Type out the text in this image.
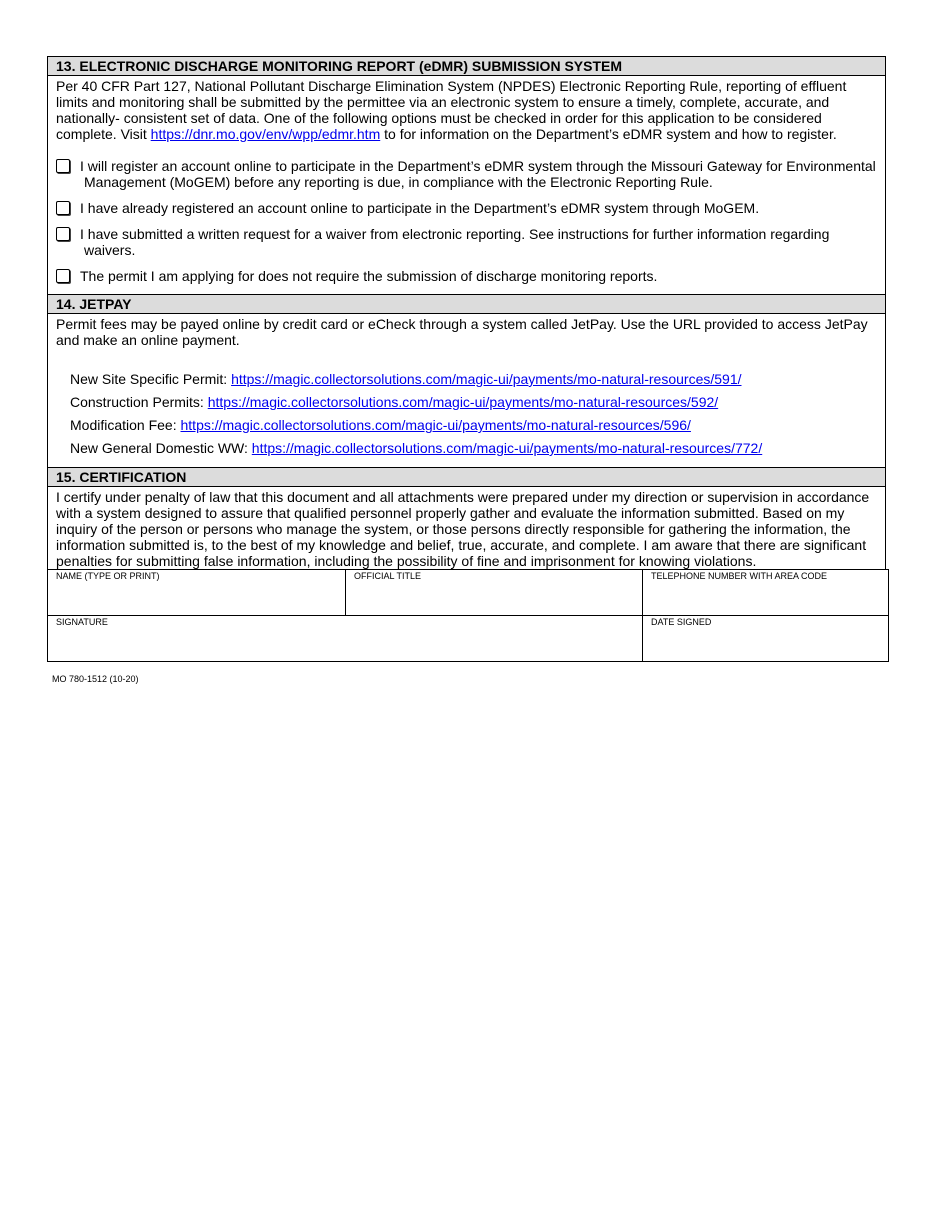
13. ELECTRONIC DISCHARGE MONITORING REPORT (eDMR) SUBMISSION SYSTEM
Per 40 CFR Part 127, National Pollutant Discharge Elimination System (NPDES) Electronic Reporting Rule, reporting of effluent limits and monitoring shall be submitted by the permittee via an electronic system to ensure a timely, complete, accurate, and nationally- consistent set of data. One of the following options must be checked in order for this application to be considered complete. Visit https://dnr.mo.gov/env/wpp/edmr.htm to for information on the Department’s eDMR system and how to register.
I will register an account online to participate in the Department’s eDMR system through the Missouri Gateway for Environmental
Management (MoGEM) before any reporting is due, in compliance with the Electronic Reporting Rule.
I have already registered an account online to participate in the Department’s eDMR system through MoGEM.
I have submitted a written request for a waiver from electronic reporting. See instructions for further information regarding
waivers.
The permit I am applying for does not require the submission of discharge monitoring reports.
14. JETPAY
Permit fees may be payed online by credit card or eCheck through a system called JetPay. Use the URL provided to access JetPay and make an online payment.
New Site Specific Permit: https://magic.collectorsolutions.com/magic-ui/payments/mo-natural-resources/591/
Construction Permits: https://magic.collectorsolutions.com/magic-ui/payments/mo-natural-resources/592/
Modification Fee: https://magic.collectorsolutions.com/magic-ui/payments/mo-natural-resources/596/
New General Domestic WW: https://magic.collectorsolutions.com/magic-ui/payments/mo-natural-resources/772/
15. CERTIFICATION
I certify under penalty of law that this document and all attachments were prepared under my direction or supervision in accordance with a system designed to assure that qualified personnel properly gather and evaluate the information submitted. Based on my inquiry of the person or persons who manage the system, or those persons directly responsible for gathering the information, the information submitted is, to the best of my knowledge and belief, true, accurate, and complete. I am aware that there are significant penalties for submitting false information, including the possibility of fine and imprisonment for knowing violations.
NAME (TYPE OR PRINT)	OFFICIAL TITLE	TELEPHONE NUMBER WITH AREA CODE

SIGNATURE		DATE SIGNED
MO 780-1512 (10-20)
